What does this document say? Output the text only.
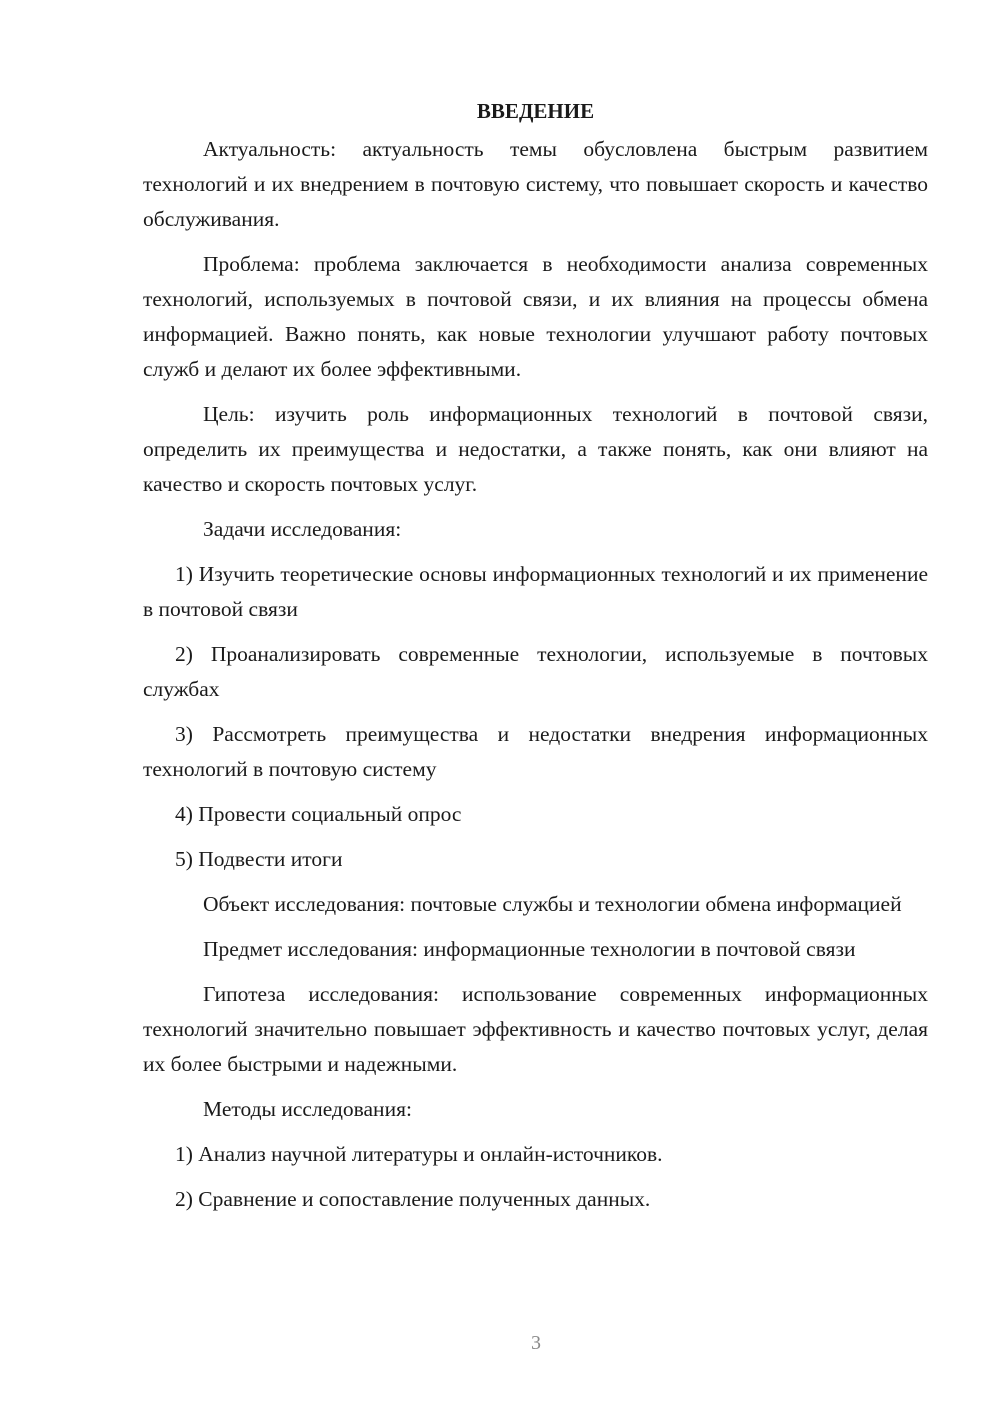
ВВЕДЕНИЕ

Актуальность: актуальность темы обусловлена быстрым развитием технологий и их внедрением в почтовую систему, что повышает скорость и качество обслуживания.

Проблема: проблема заключается в необходимости анализа современных технологий, используемых в почтовой связи, и их влияния на процессы обмена информацией. Важно понять, как новые технологии улучшают работу почтовых служб и делают их более эффективными.

Цель: изучить роль информационных технологий в почтовой связи, определить их преимущества и недостатки, а также понять, как они влияют на качество и скорость почтовых услуг.

Задачи исследования:

1) Изучить теоретические основы информационных технологий и их применение в почтовой связи

2) Проанализировать современные технологии, используемые в почтовых службах

3) Рассмотреть преимущества и недостатки внедрения информационных технологий в почтовую систему

4) Провести социальный опрос

5) Подвести итоги

Объект исследования: почтовые службы и технологии обмена информацией

Предмет исследования: информационные технологии в почтовой связи

Гипотеза исследования: использование современных информационных технологий значительно повышает эффективность и качество почтовых услуг, делая их более быстрыми и надежными.

Методы исследования:

1) Анализ научной литературы и онлайн-источников.

2) Сравнение и сопоставление полученных данных.

3
